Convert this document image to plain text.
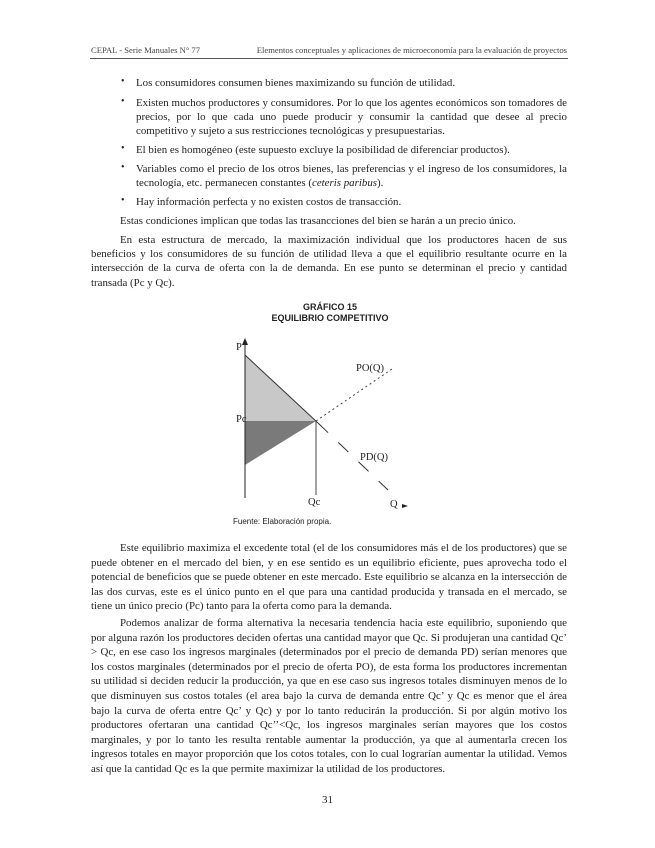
CEPAL - Serie Manuales N° 77	Elementos conceptuales y aplicaciones de microeconomía para la evaluación de proyectos
• Los consumidores consumen bienes maximizando su función de utilidad.
• Existen muchos productores y consumidores. Por lo que los agentes económicos son tomadores de precios, por lo que cada uno puede producir y consumir la cantidad que desee al precio competitivo y sujeto a sus restricciones tecnológicas y presupuestarias.
• El bien es homogéneo (este supuesto excluye la posibilidad de diferenciar productos).
• Variables como el precio de los otros bienes, las preferencias y el ingreso de los consumidores, la tecnología, etc. permanecen constantes (ceteris paribus).
• Hay información perfecta y no existen costos de transacción.
Estas condiciones implican que todas las trasancciones del bien se harán a un precio único.
En esta estructura de mercado, la maximización individual que los productores hacen de sus beneficios y los consumidores de su función de utilidad lleva a que el equilibrio resultante ocurre en la intersección de la curva de oferta con la de demanda. En ese punto se determinan el precio y cantidad transada (Pc y Qc).
GRÁFICO 15
EQUILIBRIO COMPETITIVO
P
Pc
PO(Q)
PD(Q)
Qc	Q
Fuente: Elaboración propia.
Este equilibrio maximiza el excedente total (el de los consumidores más el de los productores) que se puede obtener en el mercado del bien, y en ese sentido es un equilibrio eficiente, pues aprovecha todo el potencial de beneficios que se puede obtener en este mercado. Este equilibrio se alcanza en la intersección de las dos curvas, este es el único punto en el que para una cantidad producida y transada en el mercado, se tiene un único precio (Pc) tanto para la oferta como para la demanda.
Podemos analizar de forma alternativa la necesaria tendencia hacia este equilibrio, suponiendo que por alguna razón los productores deciden ofertas una cantidad mayor que Qc. Si produjeran una cantidad Qc’ > Qc, en ese caso los ingresos marginales (determinados por el precio de demanda PD) serían menores que los costos marginales (determinados por el precio de oferta PO), de esta forma los productores incrementan su utilidad si deciden reducir la producción, ya que en ese caso sus ingresos totales disminuyen menos de lo que disminuyen sus costos totales (el area bajo la curva de demanda entre Qc’ y Qc es menor que el área bajo la curva de oferta entre Qc’ y Qc) y por lo tanto reducirán la producción. Si por algún motivo los productores ofertaran una cantidad Qc’’<Qc, los ingresos marginales serían mayores que los costos marginales, y por lo tanto les resulta rentable aumentar la producción, ya que al aumentarla crecen los ingresos totales en mayor proporción que los cotos totales, con lo cual lograrían aumentar la utilidad. Vemos así que la cantidad Qc es la que permite maximizar la utilidad de los productores.
31
